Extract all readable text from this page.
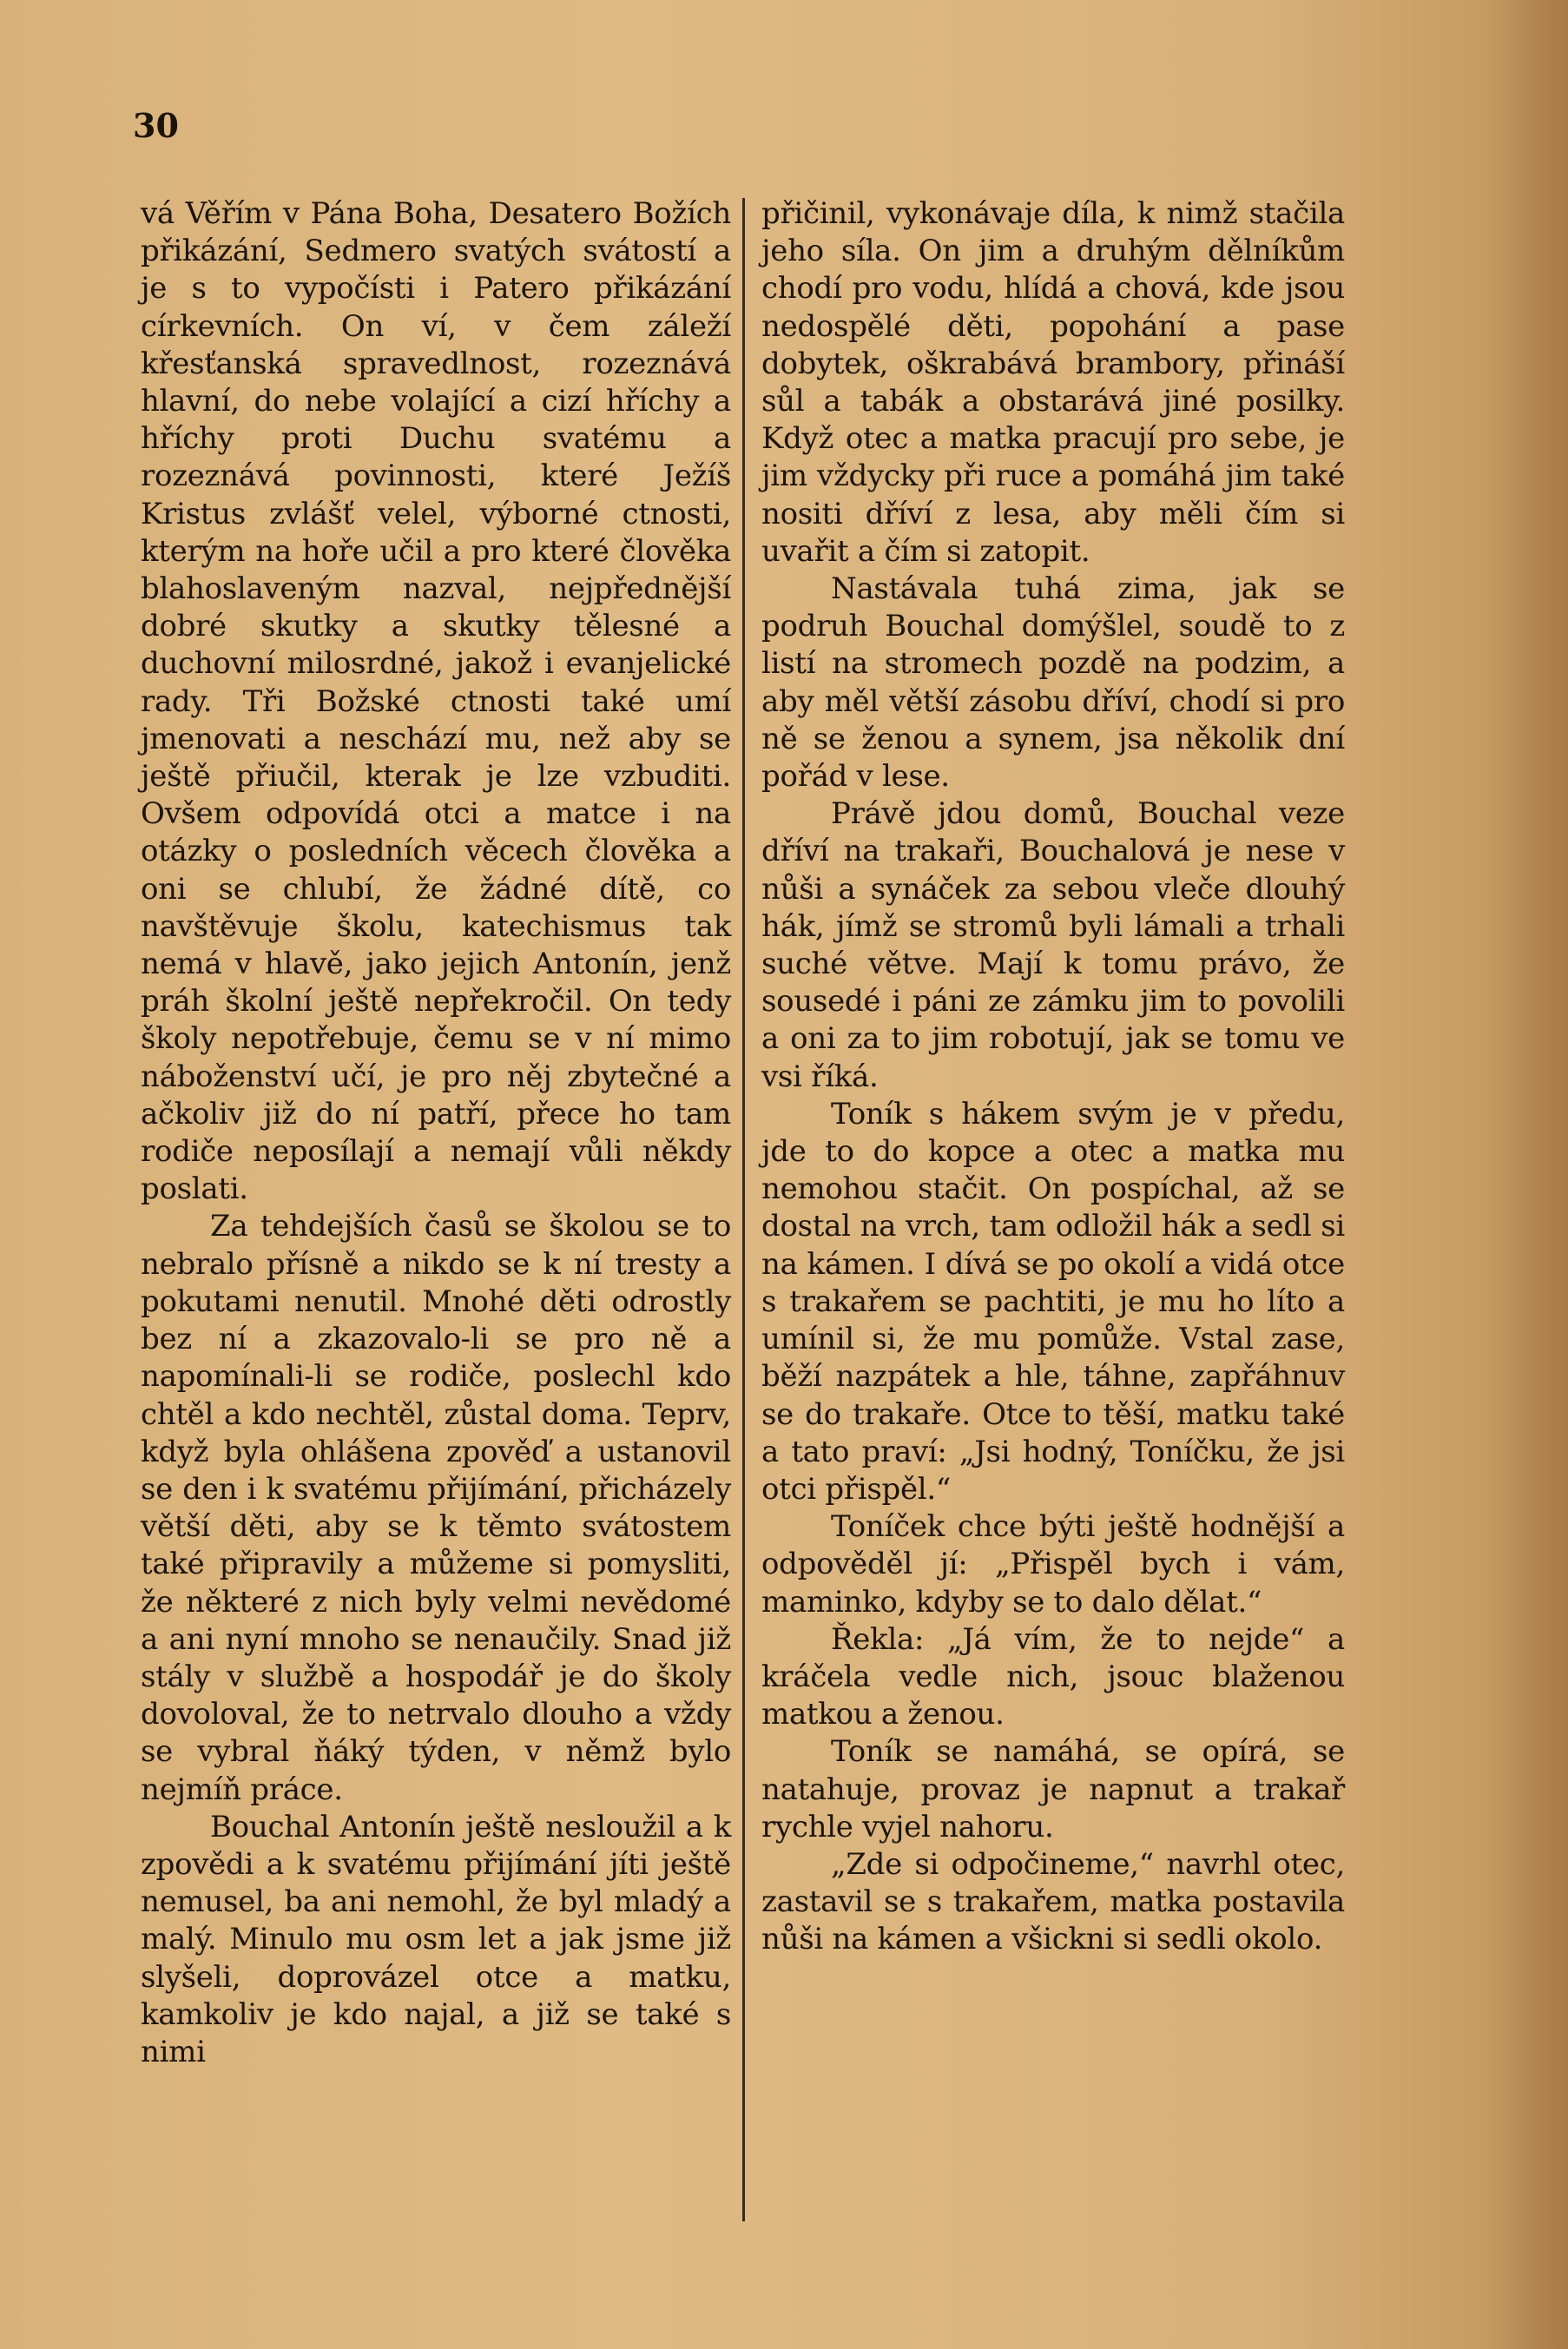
30

vá Věřím v Pána Boha, Desatero Božích přikázání, Sedmero svatých svátostí a je s to vypočísti i Patero přikázání církevních. On ví, v čem záleží křesťanská spravedlnost, rozeznává hlavní, do nebe volající a cizí hříchy a hříchy proti Duchu svatému a rozeznává povinnosti, které Ježíš Kristus zvlášť velel, výborné ctnosti, kterým na hoře učil a pro které člověka blahoslaveným nazval, nejpřednější dobré skutky a skutky tělesné a duchovní milosrdné, jakož i evanjelické rady. Tři Božské ctnosti také umí jmenovati a neschází mu, než aby se ještě přiučil, kterak je lze vzbuditi. Ovšem odpovídá otci a matce i na otázky o posledních věcech člověka a oni se chlubí, že žádné dítě, co navštěvuje školu, katechismus tak nemá v hlavě, jako jejich Antonín, jenž práh školní ještě nepřekročil. On tedy školy nepotřebuje, čemu se v ní mimo náboženství učí, je pro něj zbytečné a ačkoliv již do ní patří, přece ho tam rodiče neposílají a nemají vůli někdy poslati.

Za tehdejších časů se školou se to nebralo přísně a nikdo se k ní tresty a pokutami nenutil. Mnohé děti odrostly bez ní a zkazovalo-li se pro ně a napomínali-li se rodiče, poslechl kdo chtěl a kdo nechtěl, zůstal doma. Teprv, když byla ohlášena zpověď a ustanovil se den i k svatému přijímání, přicházely větší děti, aby se k těmto svátostem také připravily a můžeme si pomysliti, že některé z nich byly velmi nevědomé a ani nyní mnoho se nenaučily. Snad již stály v službě a hospodář je do školy dovoloval, že to netrvalo dlouho a vždy se vybral ňáký týden, v němž bylo nejmíň práce.

Bouchal Antonín ještě nesloužil a k zpovědi a k svatému přijímání jíti ještě nemusel, ba ani nemohl, že byl mladý a malý. Minulo mu osm let a jak jsme již slyšeli, doprovázel otce a matku, kamkoliv je kdo najal, a již se také s nimi

přičinil, vykonávaje díla, k nimž stačila jeho síla. On jim a druhým dělníkům chodí pro vodu, hlídá a chová, kde jsou nedospělé děti, popohání a pase dobytek, oškrabává brambory, přináší sůl a tabák a obstarává jiné posilky. Když otec a matka pracují pro sebe, je jim vždycky při ruce a pomáhá jim také nositi dříví z lesa, aby měli čím si uvařit a čím si zatopit.

Nastávala tuhá zima, jak se podruh Bouchal domýšlel, soudě to z listí na stromech pozdě na podzim, a aby měl větší zásobu dříví, chodí si pro ně se ženou a synem, jsa několik dní pořád v lese.

Právě jdou domů, Bouchal veze dříví na trakaři, Bouchalová je nese v nůši a synáček za sebou vleče dlouhý hák, jímž se stromů byli lámali a trhali suché větve. Mají k tomu právo, že sousedé i páni ze zámku jim to povolili a oni za to jim robotují, jak se tomu ve vsi říká.

Toník s hákem svým je v předu, jde to do kopce a otec a matka mu nemohou stačit. On pospíchal, až se dostal na vrch, tam odložil hák a sedl si na kámen. I dívá se po okolí a vidá otce s trakařem se pachtiti, je mu ho líto a umínil si, že mu pomůže. Vstal zase, běží nazpátek a hle, táhne, zapřáhnuv se do trakaře. Otce to těší, matku také a tato praví: „Jsi hodný, Toníčku, že jsi otci přispěl.“

Toníček chce býti ještě hodnější a odpověděl jí: „Přispěl bych i vám, maminko, kdyby se to dalo dělat.“

Řekla: „Já vím, že to nejde“ a kráčela vedle nich, jsouc blaženou matkou a ženou.

Toník se namáhá, se opírá, se natahuje, provaz je napnut a trakař rychle vyjel nahoru.

„Zde si odpočineme,“ navrhl otec, zastavil se s trakařem, matka postavila nůši na kámen a všickni si sedli okolo.
